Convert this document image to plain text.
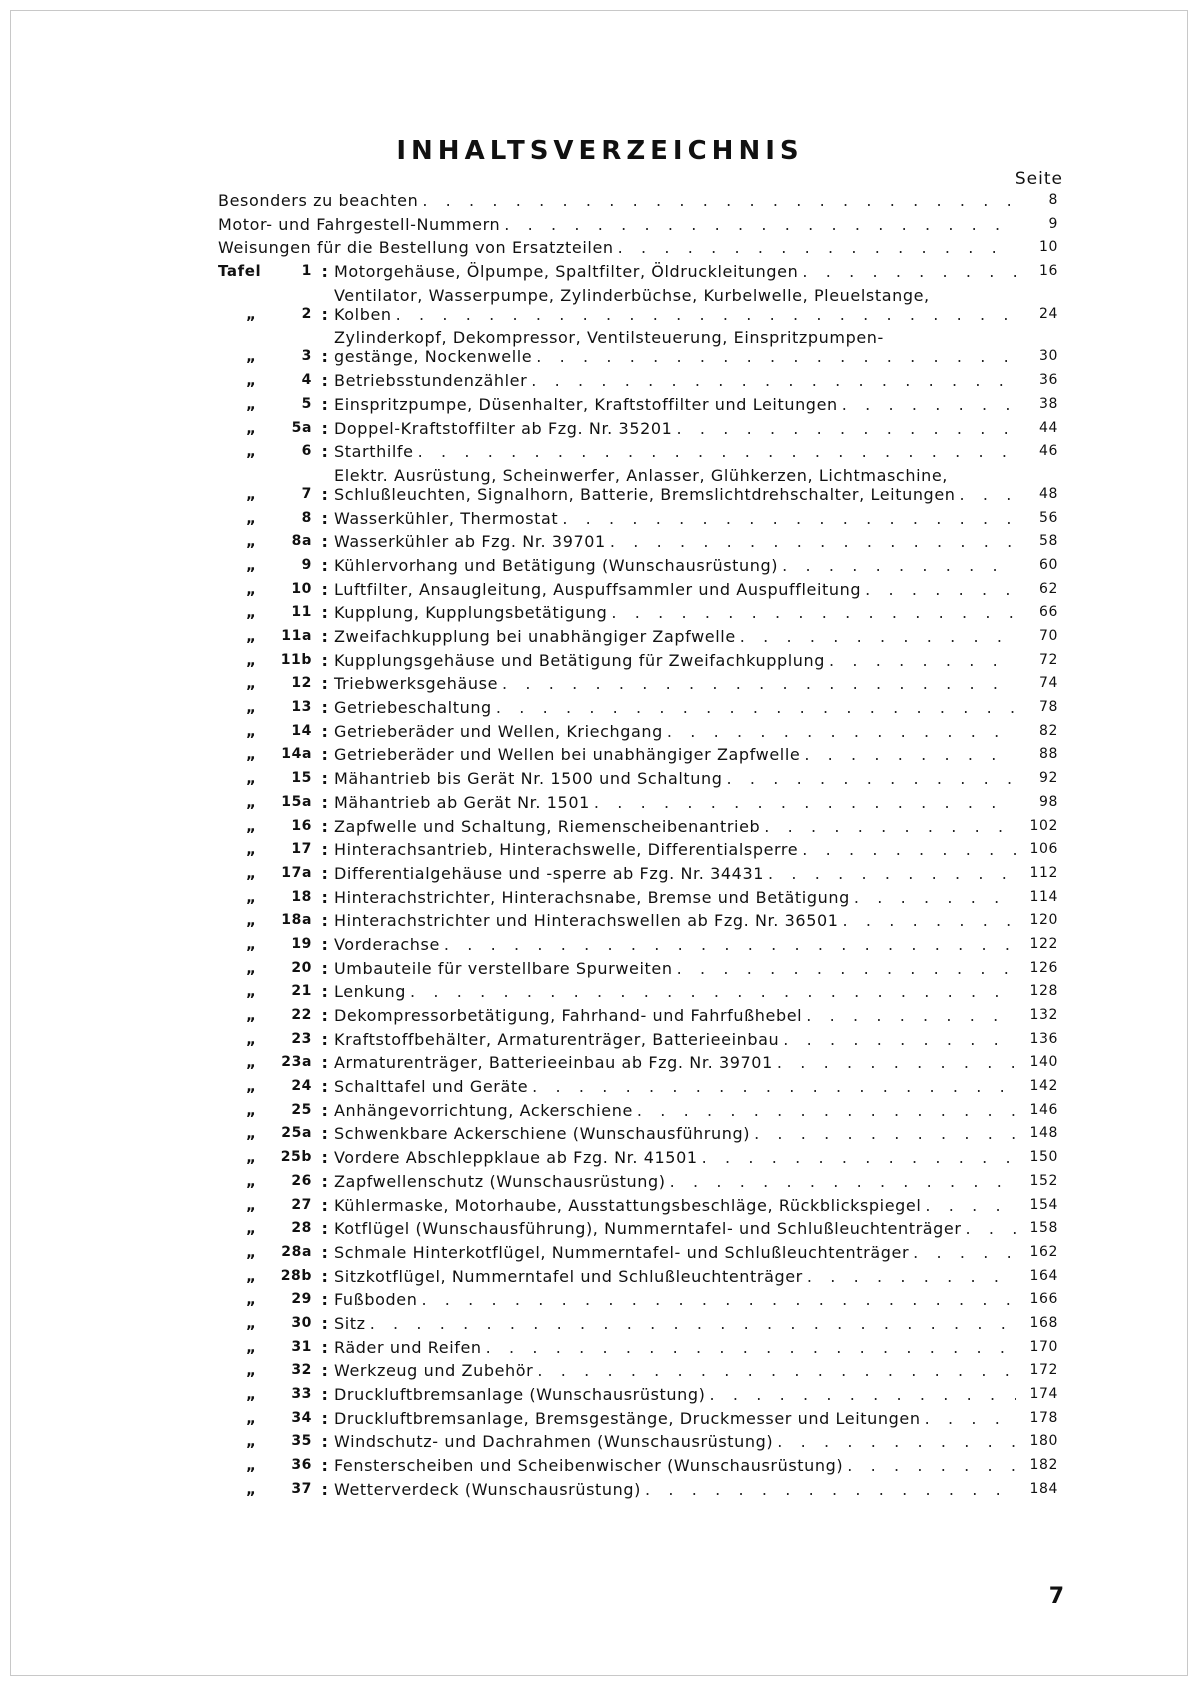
INHALTSVERZEICHNIS
Seite
Besonders zu beachten . . .	8
Motor- und Fahrgestell-Nummern . . .	9
Weisungen für die Bestellung von Ersatzteilen . . .	10
Tafel	1 : Motorgehäuse, Ölpumpe, Spaltfilter, Öldruckleitungen . . .	16
„	2 :
Ventilator, Wasserpumpe, Zylinderbüchse, Kurbelwelle, Pleuelstange,
Kolben . . .	24
„	3 :
Zylinderkopf, Dekompressor, Ventilsteuerung, Einspritzpumpen-
gestänge, Nockenwelle . . .	30
„	4 : Betriebsstundenzähler . . .	36
„	5 : Einspritzpumpe, Düsenhalter, Kraftstoffilter und Leitungen . . .	38
„	5a : Doppel-Kraftstoffilter ab Fzg. Nr. 35201 . . .	44
„	6 : Starthilfe . . .	46
„	7 :
Elektr. Ausrüstung, Scheinwerfer, Anlasser, Glühkerzen, Lichtmaschine,
Schlußleuchten, Signalhorn, Batterie, Bremslichtdrehschalter, Leitungen . . .	48
„	8 : Wasserkühler, Thermostat . . .	56
„	8a : Wasserkühler ab Fzg. Nr. 39701 . . .	58
„	9 : Kühlervorhang und Betätigung (Wunschausrüstung) . . .	60
„	10 : Luftfilter, Ansaugleitung, Auspuffsammler und Auspuffleitung . . .	62
„	11 : Kupplung, Kupplungsbetätigung . . .	66
„	11a : Zweifachkupplung bei unabhängiger Zapfwelle . . .	70
„	11b : Kupplungsgehäuse und Betätigung für Zweifachkupplung . . .	72
„	12 : Triebwerksgehäuse . . .	74
„	13 : Getriebeschaltung . . .	78
„	14 : Getrieberäder und Wellen, Kriechgang . . .	82
„	14a : Getrieberäder und Wellen bei unabhängiger Zapfwelle . . .	88
„	15 : Mähantrieb bis Gerät Nr. 1500 und Schaltung . . .	92
„	15a : Mähantrieb ab Gerät Nr. 1501 . . .	98
„	16 : Zapfwelle und Schaltung, Riemenscheibenantrieb . . .	102
„	17 : Hinterachsantrieb, Hinterachswelle, Differentialsperre . . .	106
„	17a : Differentialgehäuse und -sperre ab Fzg. Nr. 34431 . . .	112
„	18 : Hinterachstrichter, Hinterachsnabe, Bremse und Betätigung . . .	114
„	18a : Hinterachstrichter und Hinterachswellen ab Fzg. Nr. 36501 . . .	120
„	19 : Vorderachse . . .	122
„	20 : Umbauteile für verstellbare Spurweiten . . .	126
„	21 : Lenkung . . .	128
„	22 : Dekompressorbetätigung, Fahrhand- und Fahrfußhebel . . .	132
„	23 : Kraftstoffbehälter, Armaturenträger, Batterieeinbau . . .	136
„	23a : Armaturenträger, Batterieeinbau ab Fzg. Nr. 39701 . . .	140
„	24 : Schalttafel und Geräte . . .	142
„	25 : Anhängevorrichtung, Ackerschiene . . .	146
„	25a : Schwenkbare Ackerschiene (Wunschausführung) . . .	148
„	25b : Vordere Abschleppklaue ab Fzg. Nr. 41501 . . .	150
„	26 : Zapfwellenschutz (Wunschausrüstung) . . .	152
„	27 : Kühlermaske, Motorhaube, Ausstattungsbeschläge, Rückblickspiegel . . .	154
„	28 : Kotflügel (Wunschausführung), Nummerntafel- und Schlußleuchtenträger . . .	158
„	28a : Schmale Hinterkotflügel, Nummerntafel- und Schlußleuchtenträger . . .	162
„	28b : Sitzkotflügel, Nummerntafel und Schlußleuchtenträger . . .	164
„	29 : Fußboden . . .	166
„	30 : Sitz . . .	168
„	31 : Räder und Reifen . . .	170
„	32 : Werkzeug und Zubehör . . .	172
„	33 : Druckluftbremsanlage (Wunschausrüstung) . . .	174
„	34 : Druckluftbremsanlage, Bremsgestänge, Druckmesser und Leitungen . . .	178
„	35 : Windschutz- und Dachrahmen (Wunschausrüstung) . . .	180
„	36 : Fensterscheiben und Scheibenwischer (Wunschausrüstung) . . .	182
„	37 : Wetterverdeck (Wunschausrüstung) . . .	184
7
